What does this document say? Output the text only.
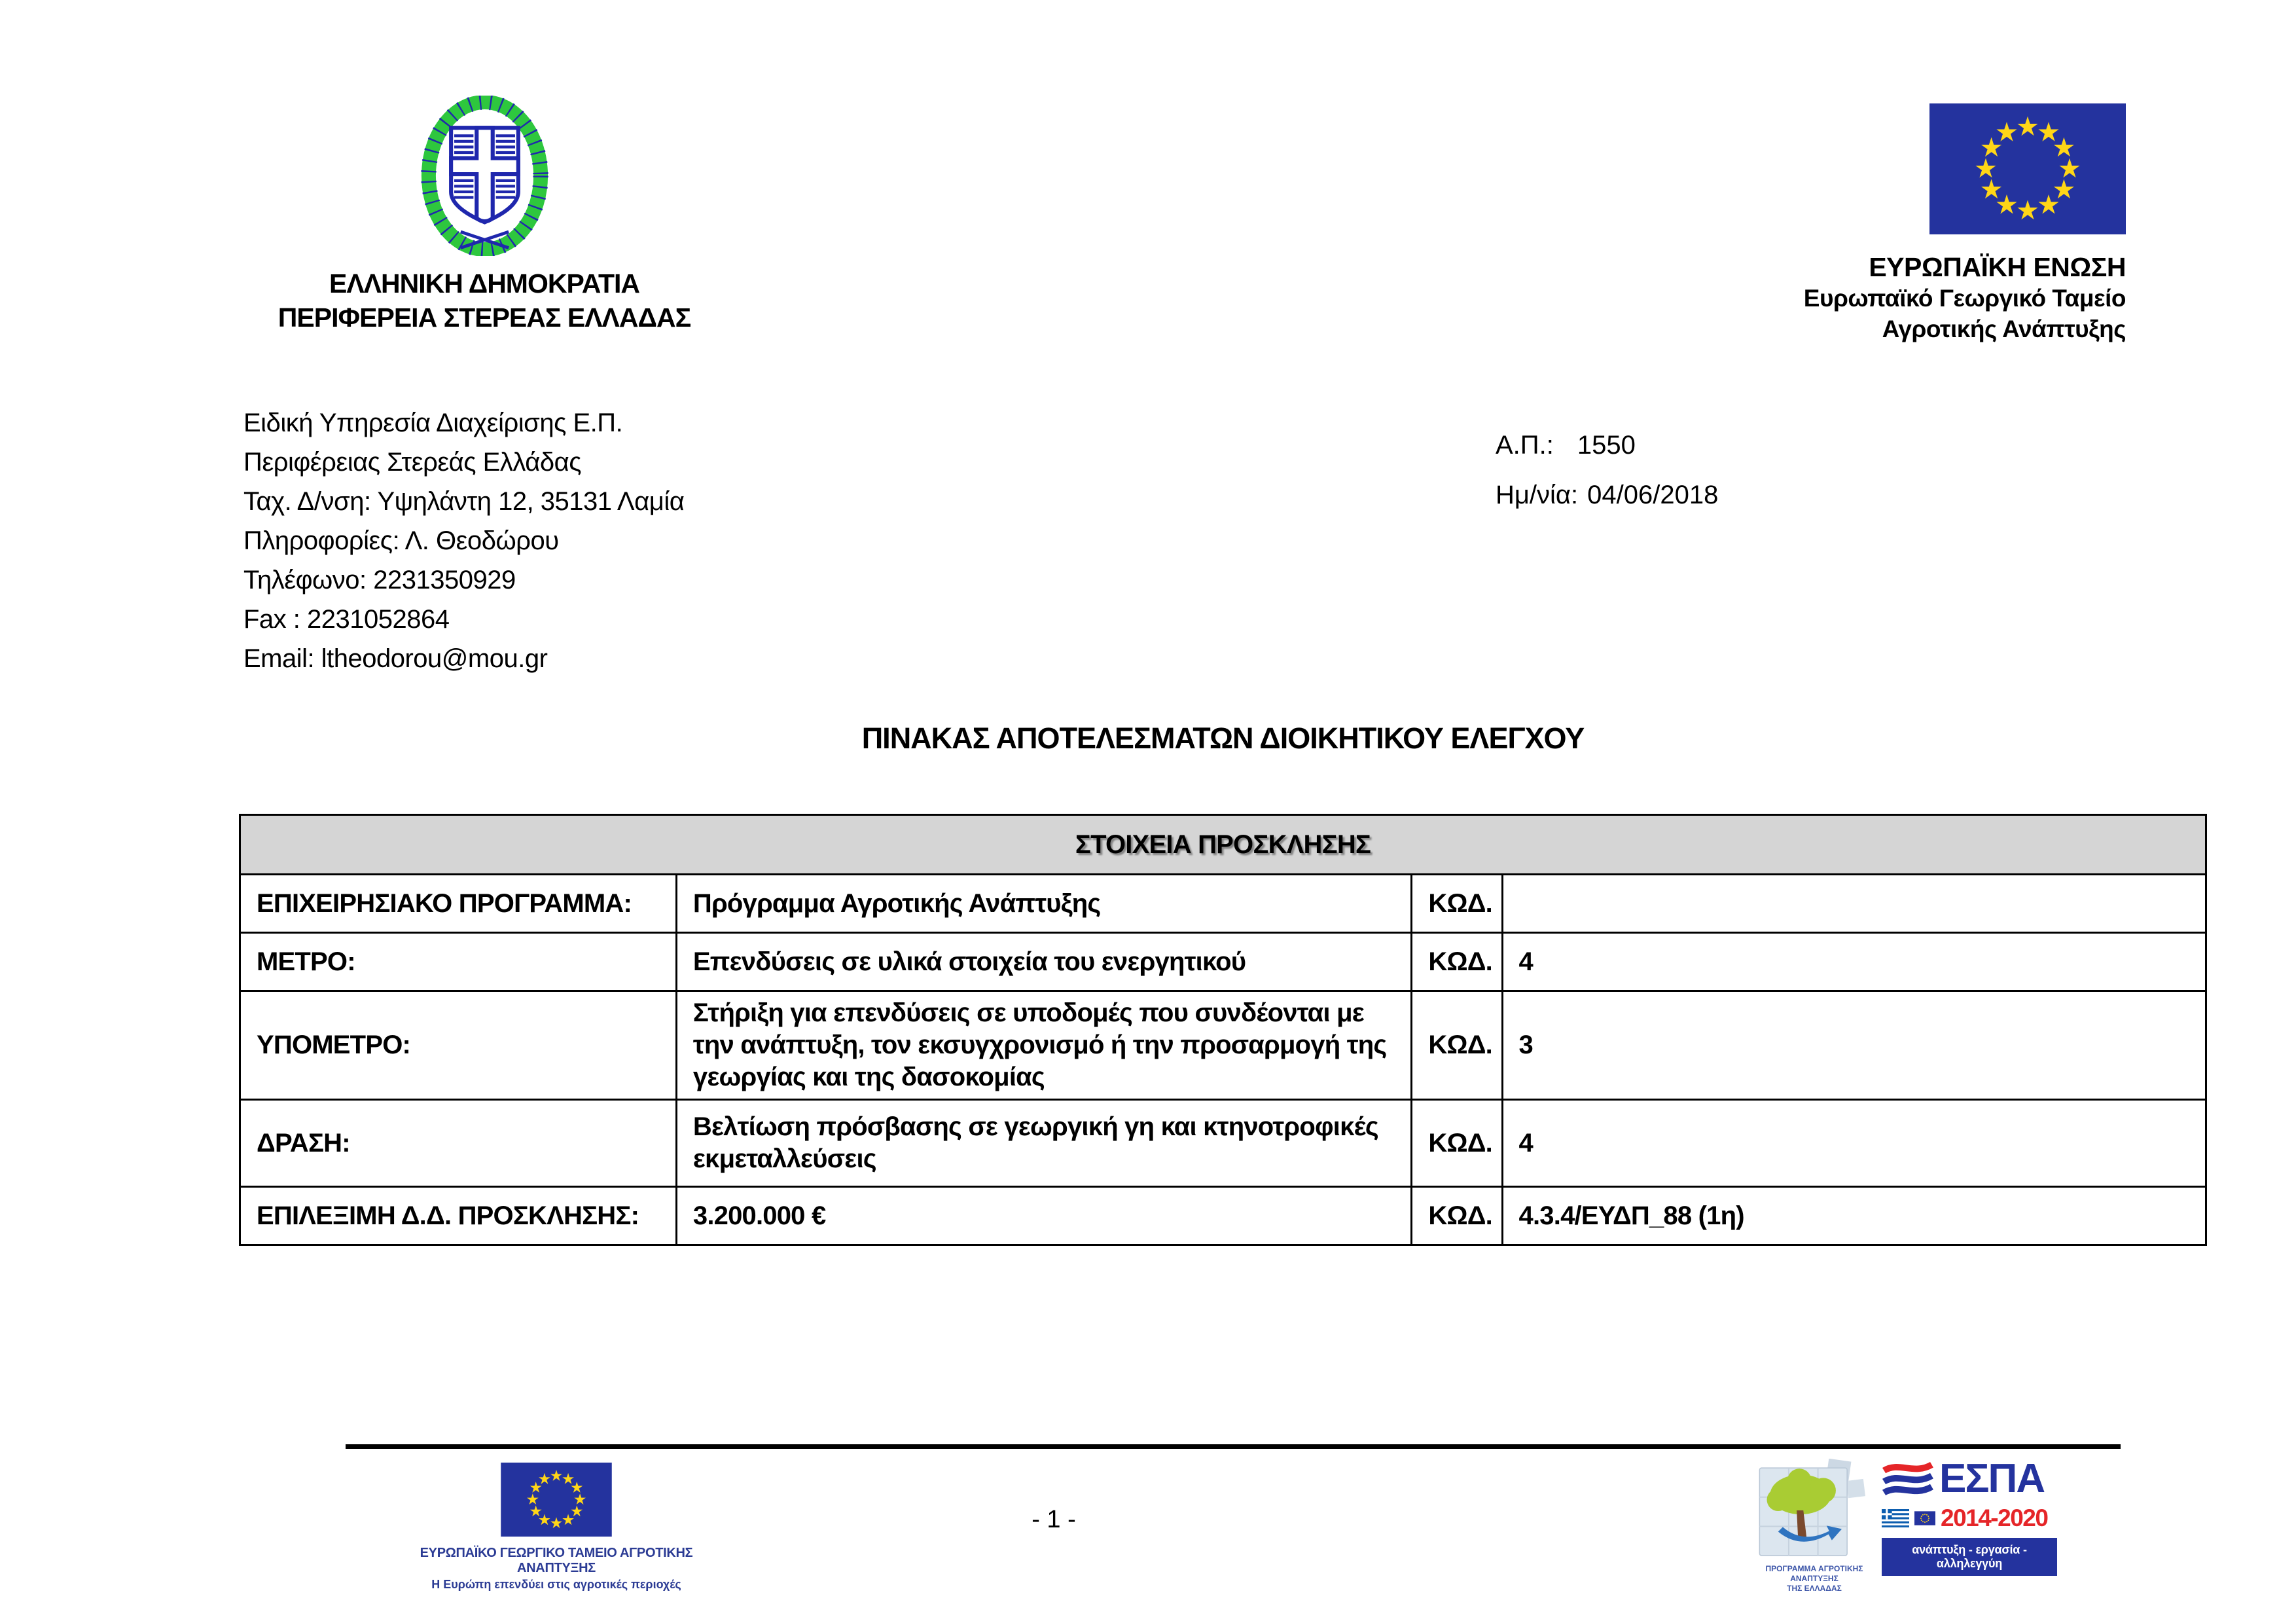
ΕΛΛΗΝΙΚΗ ΔΗΜΟΚΡΑΤΙΑ
ΠΕΡΙΦΕΡΕΙΑ ΣΤΕΡΕΑΣ ΕΛΛΑΔΑΣ
ΕΥΡΩΠΑΪΚΗ ΕΝΩΣΗ
Ευρωπαϊκό Γεωργικό Ταμείο
Αγροτικής Ανάπτυξης
Ειδική Υπηρεσία Διαχείρισης Ε.Π.
Περιφέρειας Στερεάς Ελλάδας
Ταχ. Δ/νση: Υψηλάντη 12, 35131 Λαμία
Πληροφορίες: Λ. Θεοδώρου
Τηλέφωνο: 2231350929
Fax : 2231052864
Email: ltheodorou@mou.gr
Α.Π.: 1550
Ημ/νία: 04/06/2018
ΠΙΝΑΚΑΣ ΑΠΟΤΕΛΕΣΜΑΤΩΝ ΔΙΟΙΚΗΤΙΚΟΥ ΕΛΕΓΧΟΥ
ΣΤΟΙΧΕΙΑ ΠΡΟΣΚΛΗΣΗΣ			
ΕΠΙΧΕΙΡΗΣΙΑΚΟ ΠΡΟΓΡΑΜΜΑ:	Πρόγραμμα Αγροτικής Ανάπτυξης	ΚΩΔ.	
ΜΕΤΡΟ:	Επενδύσεις σε υλικά στοιχεία του ενεργητικού	ΚΩΔ.	4
ΥΠΟΜΕΤΡΟ:	Στήριξη για επενδύσεις σε υποδομές που συνδέονται με την ανάπτυξη, τον εκσυγχρονισμό ή την προσαρμογή της γεωργίας και της δασοκομίας	ΚΩΔ.	3
ΔΡΑΣΗ:	Βελτίωση πρόσβασης σε γεωργική γη και κτηνοτροφικές εκμεταλλεύσεις	ΚΩΔ.	4
ΕΠΙΛΕΞΙΜΗ Δ.Δ. ΠΡΟΣΚΛΗΣΗΣ:	3.200.000 €	ΚΩΔ.	4.3.4/ΕΥΔΠ_88 (1η)
ΕΥΡΩΠΑΪΚΟ ΓΕΩΡΓΙΚΟ ΤΑΜΕΙΟ ΑΓΡΟΤΙΚΗΣ ΑΝΑΠΤΥΞΗΣ
Η Ευρώπη επενδύει στις αγροτικές περιοχές
- 1 -
ΠΡΟΓΡΑΜΜΑ ΑΓΡΟΤΙΚΗΣ ΑΝΑΠΤΥΞΗΣ
ΤΗΣ ΕΛΛΑΔΑΣ
ΕΣΠΑ
2014-2020
ανάπτυξη - εργασία - αλληλεγγύη
